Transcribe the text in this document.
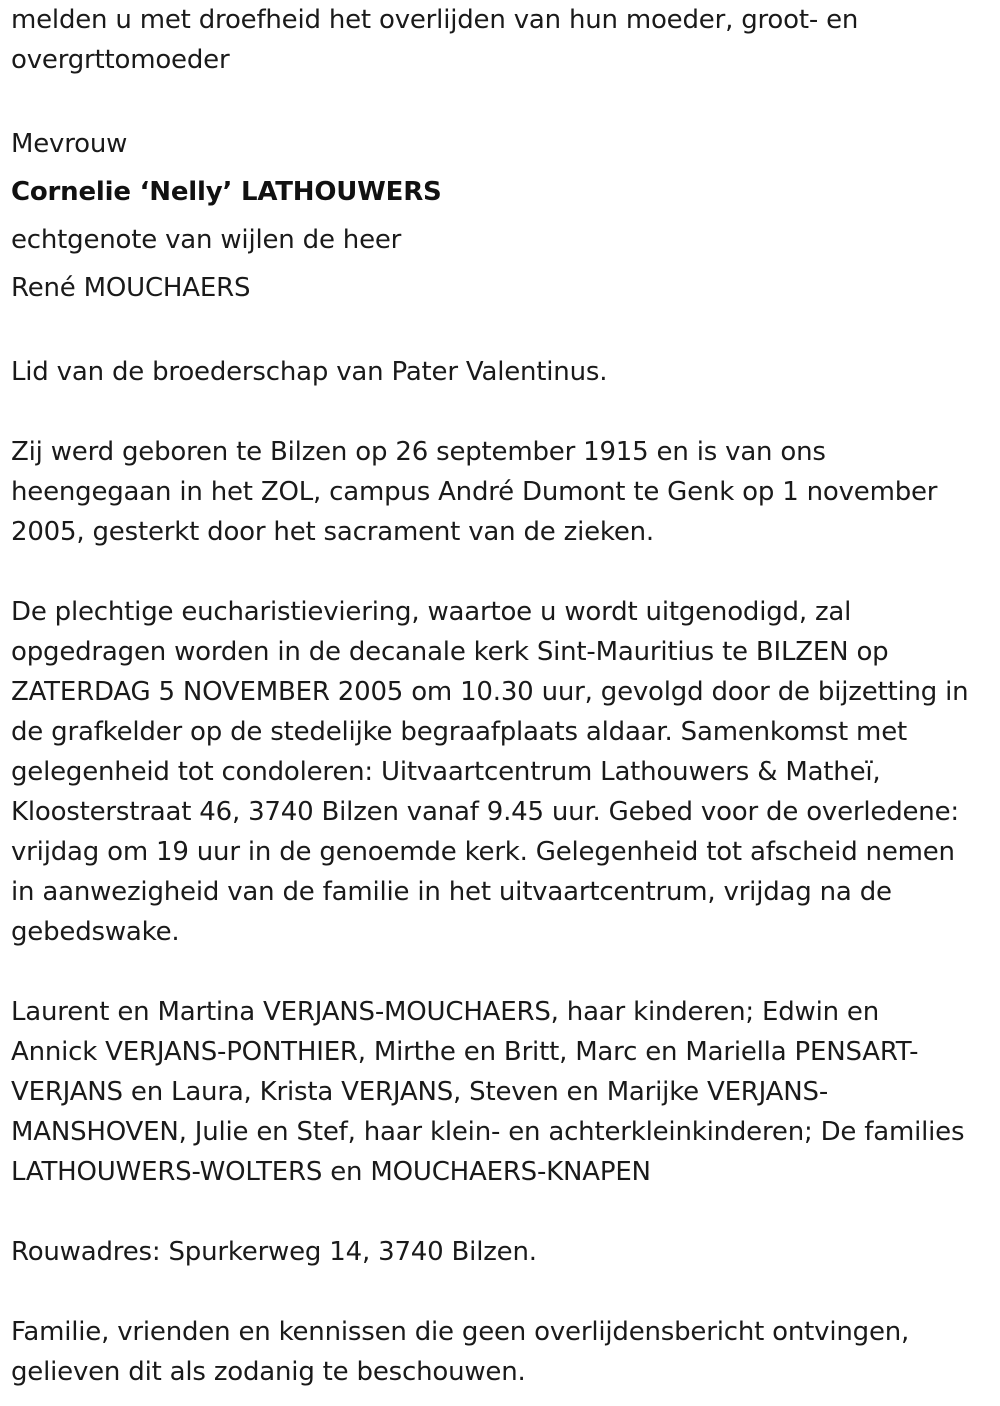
melden u met droefheid het overlijden van hun moeder, groot- en
overgrttomoeder
Mevrouw
Cornelie ‘Nelly’ LATHOUWERS
echtgenote van wijlen de heer
René MOUCHAERS
Lid van de broederschap van Pater Valentinus.
Zij werd geboren te Bilzen op 26 september 1915 en is van ons
heengegaan in het ZOL, campus André Dumont te Genk op 1 november
2005, gesterkt door het sacrament van de zieken.
De plechtige eucharistieviering, waartoe u wordt uitgenodigd, zal
opgedragen worden in de decanale kerk Sint-Mauritius te BILZEN op
ZATERDAG 5 NOVEMBER 2005 om 10.30 uur, gevolgd door de bijzetting in
de grafkelder op de stedelijke begraafplaats aldaar. Samenkomst met
gelegenheid tot condoleren: Uitvaartcentrum Lathouwers & Matheï,
Kloosterstraat 46, 3740 Bilzen vanaf 9.45 uur. Gebed voor de overledene:
vrijdag om 19 uur in de genoemde kerk. Gelegenheid tot afscheid nemen
in aanwezigheid van de familie in het uitvaartcentrum, vrijdag na de
gebedswake.
Laurent en Martina VERJANS-MOUCHAERS, haar kinderen; Edwin en
Annick VERJANS-PONTHIER, Mirthe en Britt, Marc en Mariella PENSART-
VERJANS en Laura, Krista VERJANS, Steven en Marijke VERJANS-
MANSHOVEN, Julie en Stef, haar klein- en achterkleinkinderen; De families
LATHOUWERS-WOLTERS en MOUCHAERS-KNAPEN
Rouwadres: Spurkerweg 14, 3740 Bilzen.
Familie, vrienden en kennissen die geen overlijdensbericht ontvingen,
gelieven dit als zodanig te beschouwen.
